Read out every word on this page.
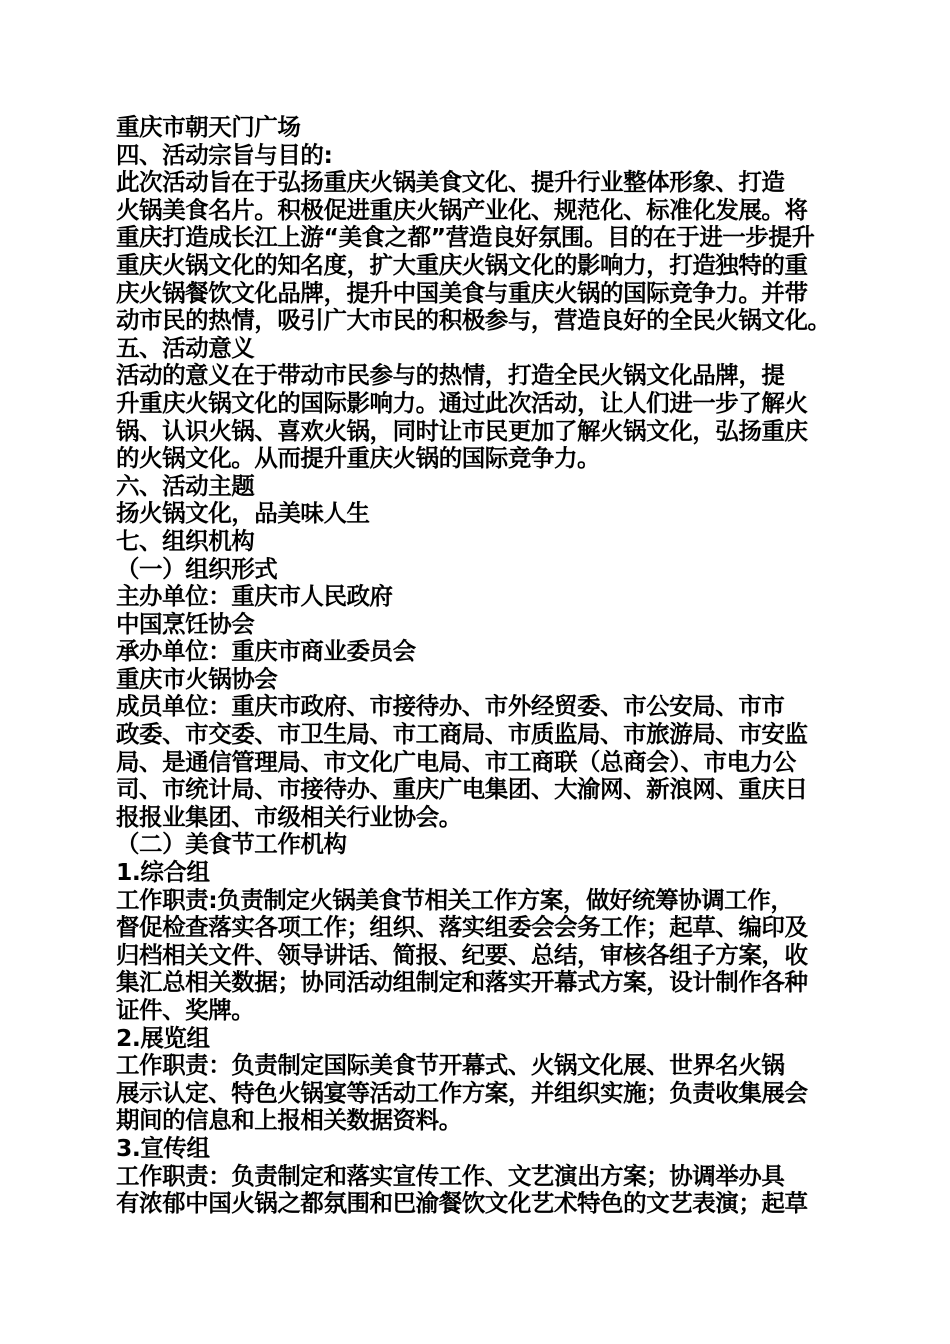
重庆市朝天门广场
四、活动宗旨与目的:
此次活动旨在于弘扬重庆火锅美食文化、提升行业整体形象、打造
火锅美食名片。积极促进重庆火锅产业化、规范化、标准化发展。将
重庆打造成长江上游“美食之都”营造良好氛围。目的在于进一步提升
重庆火锅文化的知名度，扩大重庆火锅文化的影响力，打造独特的重
庆火锅餐饮文化品牌，提升中国美食与重庆火锅的国际竞争力。并带
动市民的热情，吸引广大市民的积极参与，营造良好的全民火锅文化。
五、活动意义
活动的意义在于带动市民参与的热情，打造全民火锅文化品牌，提
升重庆火锅文化的国际影响力。通过此次活动，让人们进一步了解火
锅、认识火锅、喜欢火锅，同时让市民更加了解火锅文化，弘扬重庆
的火锅文化。从而提升重庆火锅的国际竞争力。
六、活动主题
扬火锅文化，品美味人生
七、组织机构
（一）组织形式
主办单位：重庆市人民政府
中国烹饪协会
承办单位：重庆市商业委员会
重庆市火锅协会
成员单位：重庆市政府、市接待办、市外经贸委、市公安局、市市
政委、市交委、市卫生局、市工商局、市质监局、市旅游局、市安监
局、是通信管理局、市文化广电局、市工商联（总商会）、市电力公
司、市统计局、市接待办、重庆广电集团、大渝网、新浪网、重庆日
报报业集团、市级相关行业协会。
（二）美食节工作机构
1.综合组
工作职责:负责制定火锅美食节相关工作方案，做好统筹协调工作，
督促检查落实各项工作；组织、落实组委会会务工作；起草、编印及
归档相关文件、领导讲话、简报、纪要、总结，审核各组子方案，收
集汇总相关数据；协同活动组制定和落实开幕式方案，设计制作各种
证件、奖牌。
2.展览组
工作职责：负责制定国际美食节开幕式、火锅文化展、世界名火锅
展示认定、特色火锅宴等活动工作方案，并组织实施；负责收集展会
期间的信息和上报相关数据资料。
3.宣传组
工作职责：负责制定和落实宣传工作、文艺演出方案；协调举办具
有浓郁中国火锅之都氛围和巴渝餐饮文化艺术特色的文艺表演；起草
